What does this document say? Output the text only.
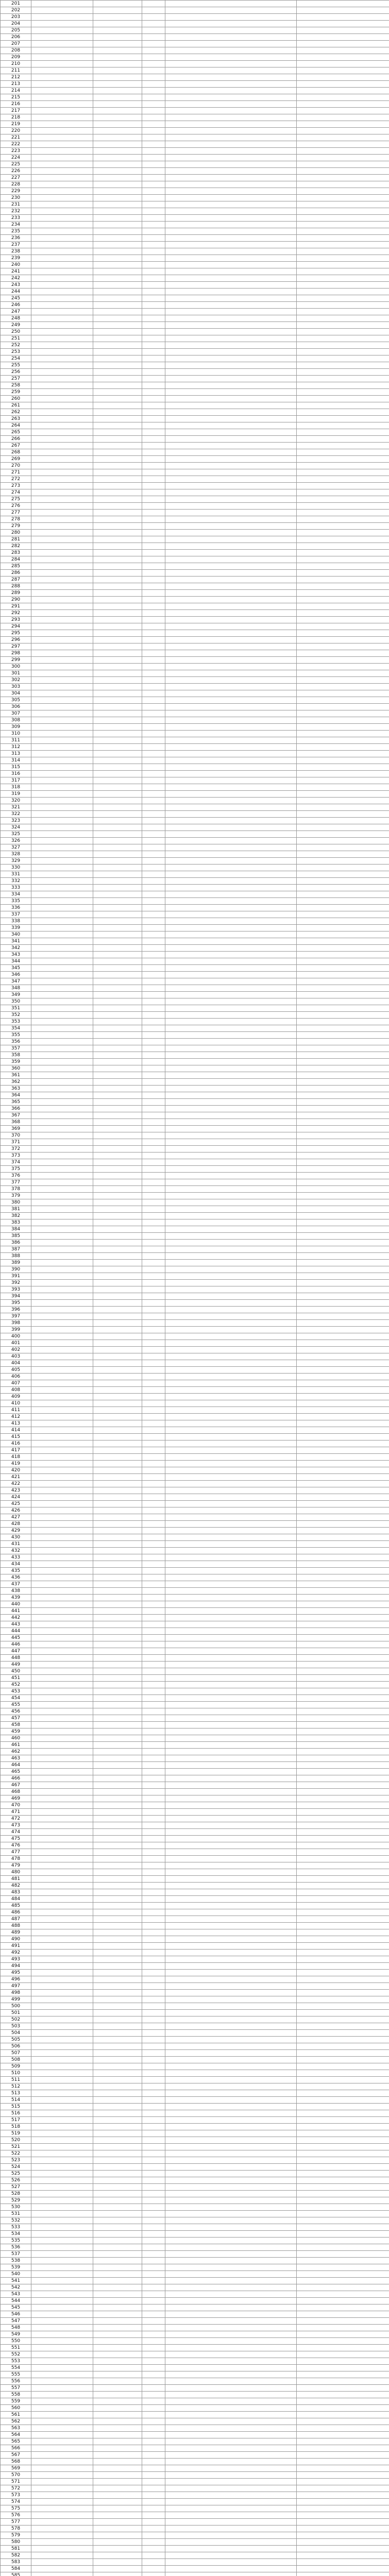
201					
202					
203					
204					
205					
206					
207					
208					
209					
210					
211					
212					
213					
214					
215					
216					
217					
218					
219					
220					
221					
222					
223					
224					
225					
226					
227					
228					
229					
230					
231					
232					
233					
234					
235					
236					
237					
238					
239					
240					
241					
242					
243					
244					
245					
246					
247					
248					
249					
250					
251					
252					
253					
254					
255					
256					
257					
258					
259					
260					
261					
262					
263					
264					
265					
266					
267					
268					
269					
270					
271					
272					
273					
274					
275					
276					
277					
278					
279					
280					
281					
282					
283					
284					
285					
286					
287					
288					
289					
290					
291					
292					
293					
294					
295					
296					
297					
298					
299					
300					
301					
302					
303					
304					
305					
306					
307					
308					
309					
310					
311					
312					
313					
314					
315					
316					
317					
318					
319					
320					
321					
322					
323					
324					
325					
326					
327					
328					
329					
330					
331					
332					
333					
334					
335					
336					
337					
338					
339					
340					
341					
342					
343					
344					
345					
346					
347					
348					
349					
350					
351					
352					
353					
354					
355					
356					
357					
358					
359					
360					
361					
362					
363					
364					
365					
366					
367					
368					
369					
370					
371					
372					
373					
374					
375					
376					
377					
378					
379					
380					
381					
382					
383					
384					
385					
386					
387					
388					
389					
390					
391					
392					
393					
394					
395					
396					
397					
398					
399					
400					
401					
402					
403					
404					
405					
406					
407					
408					
409					
410					
411					
412					
413					
414					
415					
416					
417					
418					
419					
420					
421					
422					
423					
424					
425					
426					
427					
428					
429					
430					
431					
432					
433					
434					
435					
436					
437					
438					
439					
440					
441					
442					
443					
444					
445					
446					
447					
448					
449					
450					
451					
452					
453					
454					
455					
456					
457					
458					
459					
460					
461					
462					
463					
464					
465					
466					
467					
468					
469					
470					
471					
472					
473					
474					
475					
476					
477					
478					
479					
480					
481					
482					
483					
484					
485					
486					
487					
488					
489					
490					
491					
492					
493					
494					
495					
496					
497					
498					
499					
500					
501					
502					
503					
504					
505					
506					
507					
508					
509					
510					
511					
512					
513					
514					
515					
516					
517					
518					
519					
520					
521					
522					
523					
524					
525					
526					
527					
528					
529					
530					
531					
532					
533					
534					
535					
536					
537					
538					
539					
540					
541					
542					
543					
544					
545					
546					
547					
548					
549					
550					
551					
552					
553					
554					
555					
556					
557					
558					
559					
560					
561					
562					
563					
564					
565					
566					
567					
568					
569					
570					
571					
572					
573					
574					
575					
576					
577					
578					
579					
580					
581					
582					
583					
584					
585					
